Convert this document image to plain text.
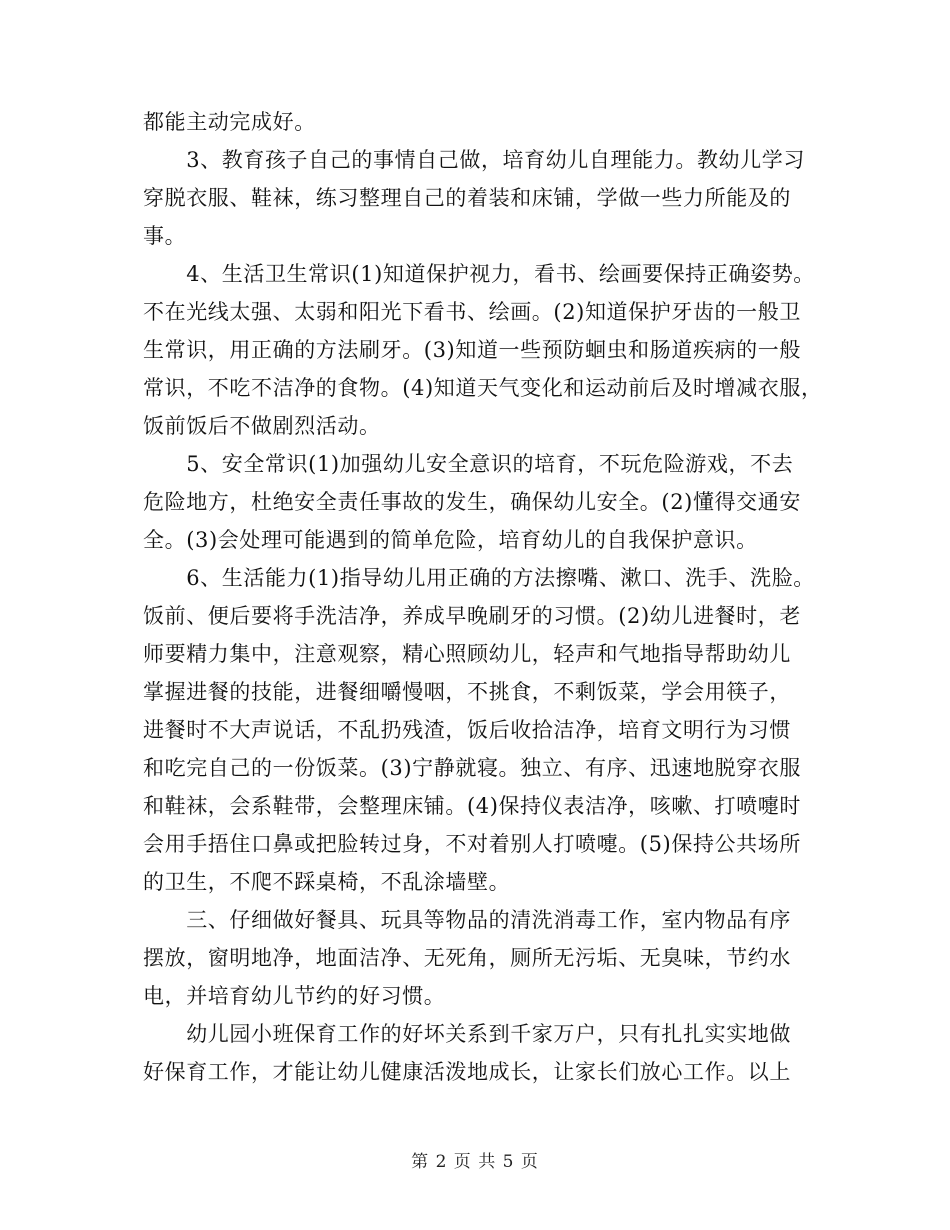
都能主动完成好。
　　3、教育孩子自己的事情自己做，培育幼儿自理能力。教幼儿学习
穿脱衣服、鞋袜，练习整理自己的着装和床铺，学做一些力所能及的
事。
　　4、生活卫生常识(1)知道保护视力，看书、绘画要保持正确姿势。
不在光线太强、太弱和阳光下看书、绘画。(2)知道保护牙齿的一般卫
生常识，用正确的方法刷牙。(3)知道一些预防蛔虫和肠道疾病的一般
常识，不吃不洁净的食物。(4)知道天气变化和运动前后及时增减衣服，
饭前饭后不做剧烈活动。
　　5、安全常识(1)加强幼儿安全意识的培育，不玩危险游戏，不去
危险地方，杜绝安全责任事故的发生，确保幼儿安全。(2)懂得交通安
全。(3)会处理可能遇到的简单危险，培育幼儿的自我保护意识。
　　6、生活能力(1)指导幼儿用正确的方法擦嘴、漱口、洗手、洗脸。
饭前、便后要将手洗洁净，养成早晚刷牙的习惯。(2)幼儿进餐时，老
师要精力集中，注意观察，精心照顾幼儿，轻声和气地指导帮助幼儿
掌握进餐的技能，进餐细嚼慢咽，不挑食，不剩饭菜，学会用筷子，
进餐时不大声说话，不乱扔残渣，饭后收拾洁净，培育文明行为习惯
和吃完自己的一份饭菜。(3)宁静就寝。独立、有序、迅速地脱穿衣服
和鞋袜，会系鞋带，会整理床铺。(4)保持仪表洁净，咳嗽、打喷嚏时
会用手捂住口鼻或把脸转过身，不对着别人打喷嚏。(5)保持公共场所
的卫生，不爬不踩桌椅，不乱涂墙壁。
　　三、仔细做好餐具、玩具等物品的清洗消毒工作，室内物品有序
摆放，窗明地净，地面洁净、无死角，厕所无污垢、无臭味，节约水
电，并培育幼儿节约的好习惯。
　　幼儿园小班保育工作的好坏关系到千家万户，只有扎扎实实地做
好保育工作，才能让幼儿健康活泼地成长，让家长们放心工作。以上
第 2 页 共 5 页
